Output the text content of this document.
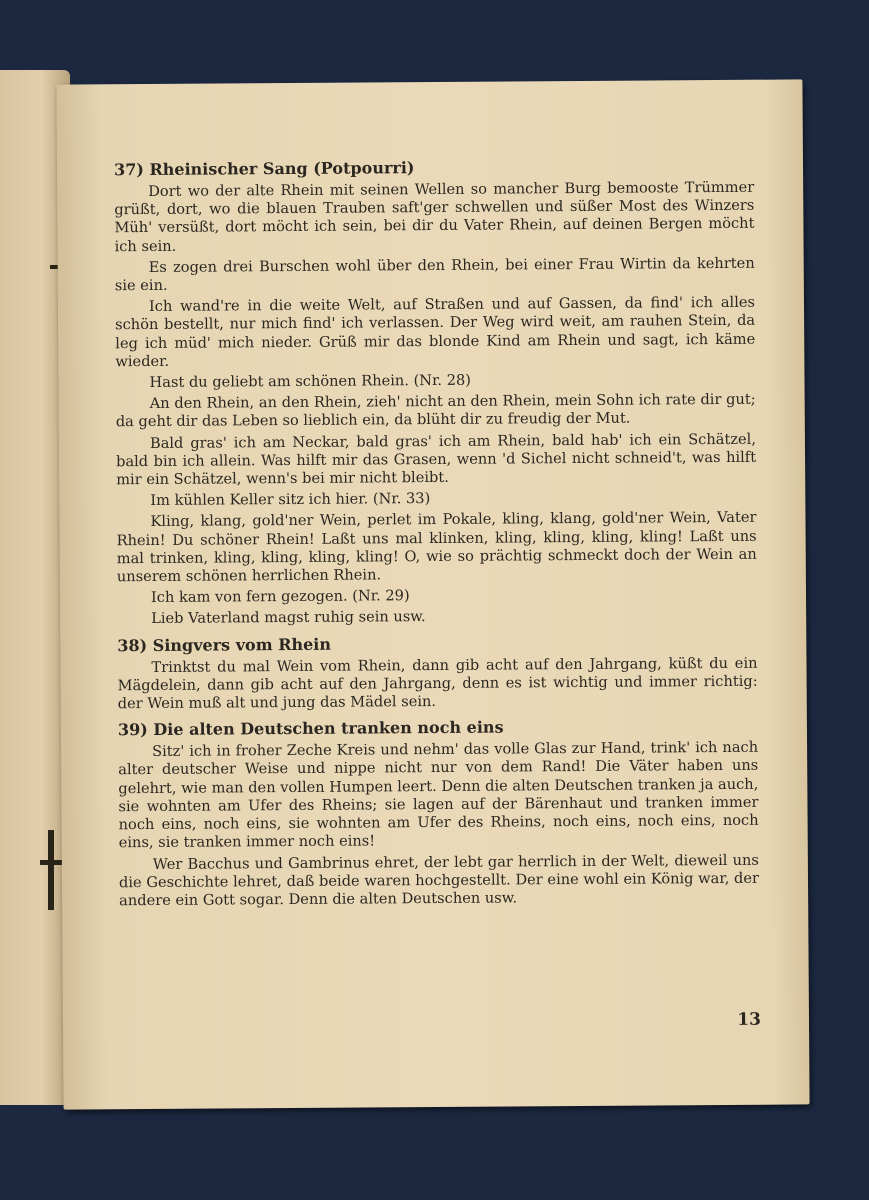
37) Rheinischer Sang (Potpourri)

Dort wo der alte Rhein mit seinen Wellen so mancher Burg bemooste Trümmer grüßt, dort, wo die blauen Trauben saft'ger schwellen und süßer Most des Winzers Müh' versüßt, dort möcht ich sein, bei dir du Vater Rhein, auf deinen Bergen möcht ich sein.

Es zogen drei Burschen wohl über den Rhein, bei einer Frau Wirtin da kehrten sie ein.

Ich wand're in die weite Welt, auf Straßen und auf Gassen, da find' ich alles schön bestellt, nur mich find' ich verlassen. Der Weg wird weit, am rauhen Stein, da leg ich müd' mich nieder. Grüß mir das blonde Kind am Rhein und sagt, ich käme wieder.

Hast du geliebt am schönen Rhein. (Nr. 28)

An den Rhein, an den Rhein, zieh' nicht an den Rhein, mein Sohn ich rate dir gut; da geht dir das Leben so lieblich ein, da blüht dir zu freudig der Mut.

Bald gras' ich am Neckar, bald gras' ich am Rhein, bald hab' ich ein Schätzel, bald bin ich allein. Was hilft mir das Grasen, wenn 'd Sichel nicht schneid't, was hilft mir ein Schätzel, wenn's bei mir nicht bleibt.

Im kühlen Keller sitz ich hier. (Nr. 33)

Kling, klang, gold'ner Wein, perlet im Pokale, kling, klang, gold'ner Wein, Vater Rhein! Du schöner Rhein! Laßt uns mal klinken, kling, kling, kling, kling! Laßt uns mal trinken, kling, kling, kling, kling! O, wie so prächtig schmeckt doch der Wein an unserem schönen herrlichen Rhein.

Ich kam von fern gezogen. (Nr. 29)

Lieb Vaterland magst ruhig sein usw.

38) Singvers vom Rhein

Trinktst du mal Wein vom Rhein, dann gib acht auf den Jahrgang, küßt du ein Mägdelein, dann gib acht auf den Jahrgang, denn es ist wichtig und immer richtig: der Wein muß alt und jung das Mädel sein.

39) Die alten Deutschen tranken noch eins

Sitz' ich in froher Zeche Kreis und nehm' das volle Glas zur Hand, trink' ich nach alter deutscher Weise und nippe nicht nur von dem Rand! Die Väter haben uns gelehrt, wie man den vollen Humpen leert. Denn die alten Deutschen tranken ja auch, sie wohnten am Ufer des Rheins; sie lagen auf der Bärenhaut und tranken immer noch eins, noch eins, sie wohnten am Ufer des Rheins, noch eins, noch eins, noch eins, sie tranken immer noch eins!

Wer Bacchus und Gambrinus ehret, der lebt gar herrlich in der Welt, dieweil uns die Geschichte lehret, daß beide waren hochgestellt. Der eine wohl ein König war, der andere ein Gott sogar. Denn die alten Deutschen usw.

13
